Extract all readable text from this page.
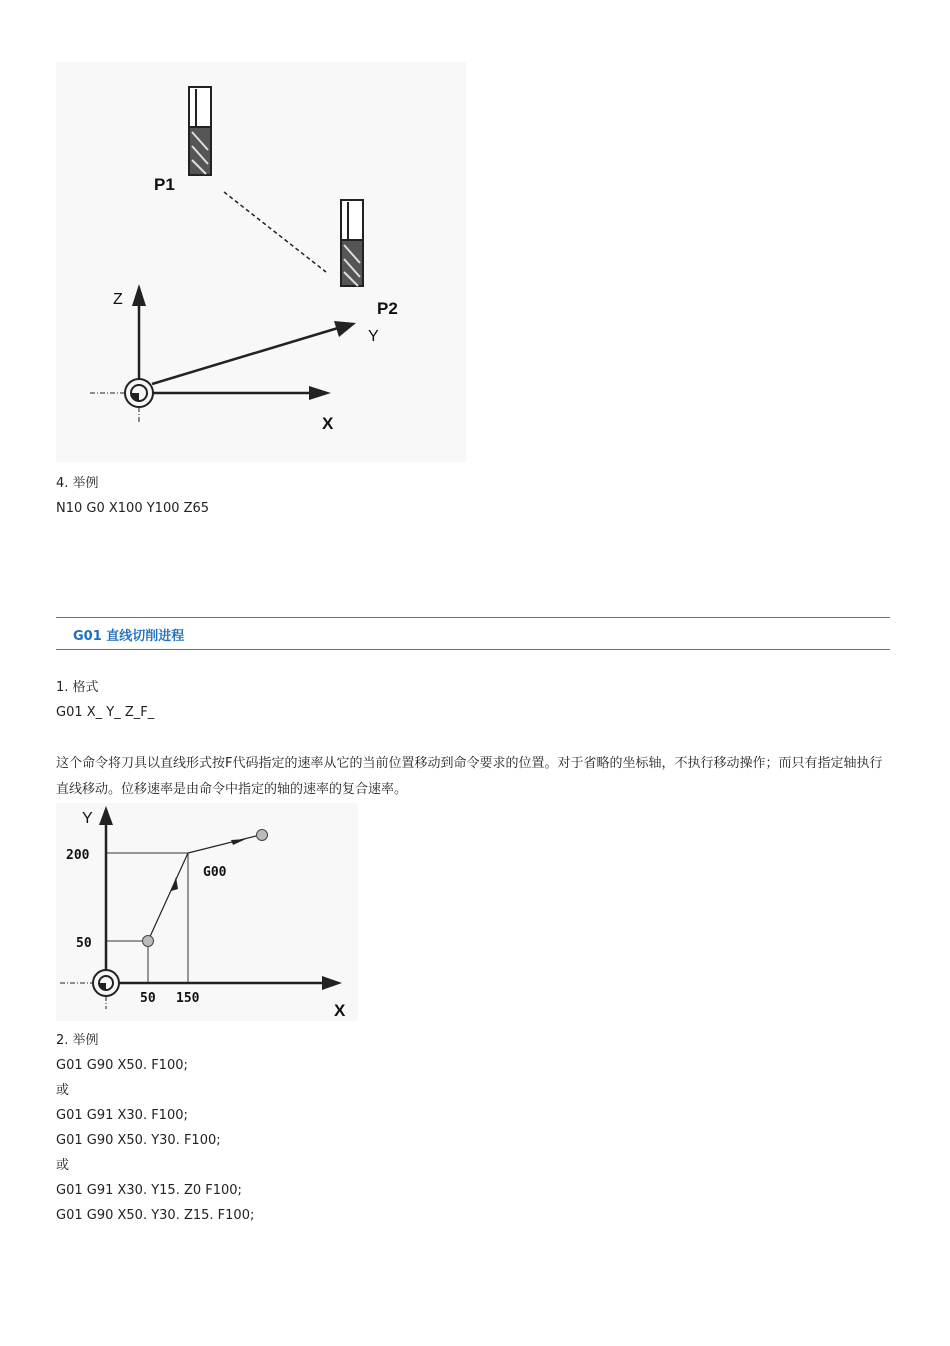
P1
P2
Z
Y
X
4. 举例
N10 G0 X100 Y100 Z65
G01 直线切削进程
1. 格式
G01 X_ Y_ Z_F_
这个命令将刀具以直线形式按F代码指定的速率从它的当前位置移动到命令要求的位置。对于省略的坐标轴，不执行移动操作；而只有指定轴执行直线移动。位移速率是由命令中指定的轴的速率的复合速率。
Y
X
200
50
50 150
G00
2. 举例
G01 G90 X50. F100;
或
G01 G91 X30. F100;
G01 G90 X50. Y30. F100;
或
G01 G91 X30. Y15. Z0 F100;
G01 G90 X50. Y30. Z15. F100;
